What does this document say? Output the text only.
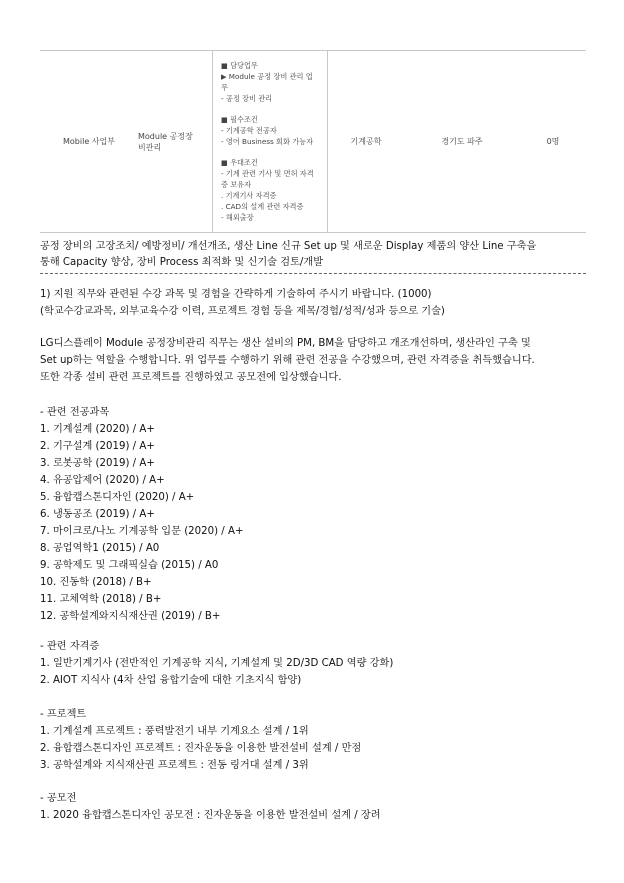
Mobile 사업부
Module 공정장
비관리
■ 담당업무
▶ Module 공정 장비 관리 업
무
- 공정 장비 관리
■ 필수조건
- 기계공학 전공자
- 영어 Business 회화 가능자
■ 우대조건
- 기계 관련 기사 및 면허 자격
증 보유자
. 기계기사 자격증
. CAD의 설계 관련 자격증
- 해외출장
기계공학	경기도 파주	0명
공정 장비의 고장조치/ 예방정비/ 개선개조, 생산 Line 신규 Set up 및 새로운 Display 제품의 양산 Line 구축을
통해 Capacity 향상, 장비 Process 최적화 및 신기술 검토/개발
1) 지원 직무와 관련된 수강 과목 및 경험을 간략하게 기술하여 주시기 바랍니다. (1000)
(학교수강교과목, 외부교육수강 이력, 프로젝트 경험 등을 제목/경험/성적/성과 등으로 기술)
LG디스플레이 Module 공정장비관리 직무는 생산 설비의 PM, BM을 담당하고 개조개선하며, 생산라인 구축 및
Set up하는 역할을 수행합니다. 위 업무를 수행하기 위해 관련 전공을 수강했으며, 관련 자격증을 취득했습니다.
또한 각종 설비 관련 프로젝트를 진행하였고 공모전에 입상했습니다.
- 관련 전공과목
1. 기계설계 (2020) / A+
2. 기구설계 (2019) / A+
3. 로봇공학 (2019) / A+
4. 유공압제어 (2020) / A+
5. 융합캡스톤디자인 (2020) / A+
6. 냉동공조 (2019) / A+
7. 마이크로/나노 기계공학 입문 (2020) / A+
8. 공업역학1 (2015) / A0
9. 공학제도 및 그래픽실습 (2015) / A0
10. 진동학 (2018) / B+
11. 고체역학 (2018) / B+
12. 공학설계와지식재산권 (2019) / B+
- 관련 자격증
1. 일반기계기사 (전반적인 기계공학 지식, 기계설계 및 2D/3D CAD 역량 강화)
2. AIOT 지식사 (4차 산업 융합기술에 대한 기초지식 함양)
- 프로젝트
1. 기계설계 프로젝트 : 풍력발전기 내부 기계요소 설계 / 1위
2. 융합캡스톤디자인 프로젝트 : 진자운동을 이용한 발전설비 설계 / 만점
3. 공학설계와 지식재산권 프로젝트 : 전동 링거대 설계 / 3위
- 공모전
1. 2020 융합캡스톤디자인 공모전 : 진자운동을 이용한 발전설비 설계 / 장려
